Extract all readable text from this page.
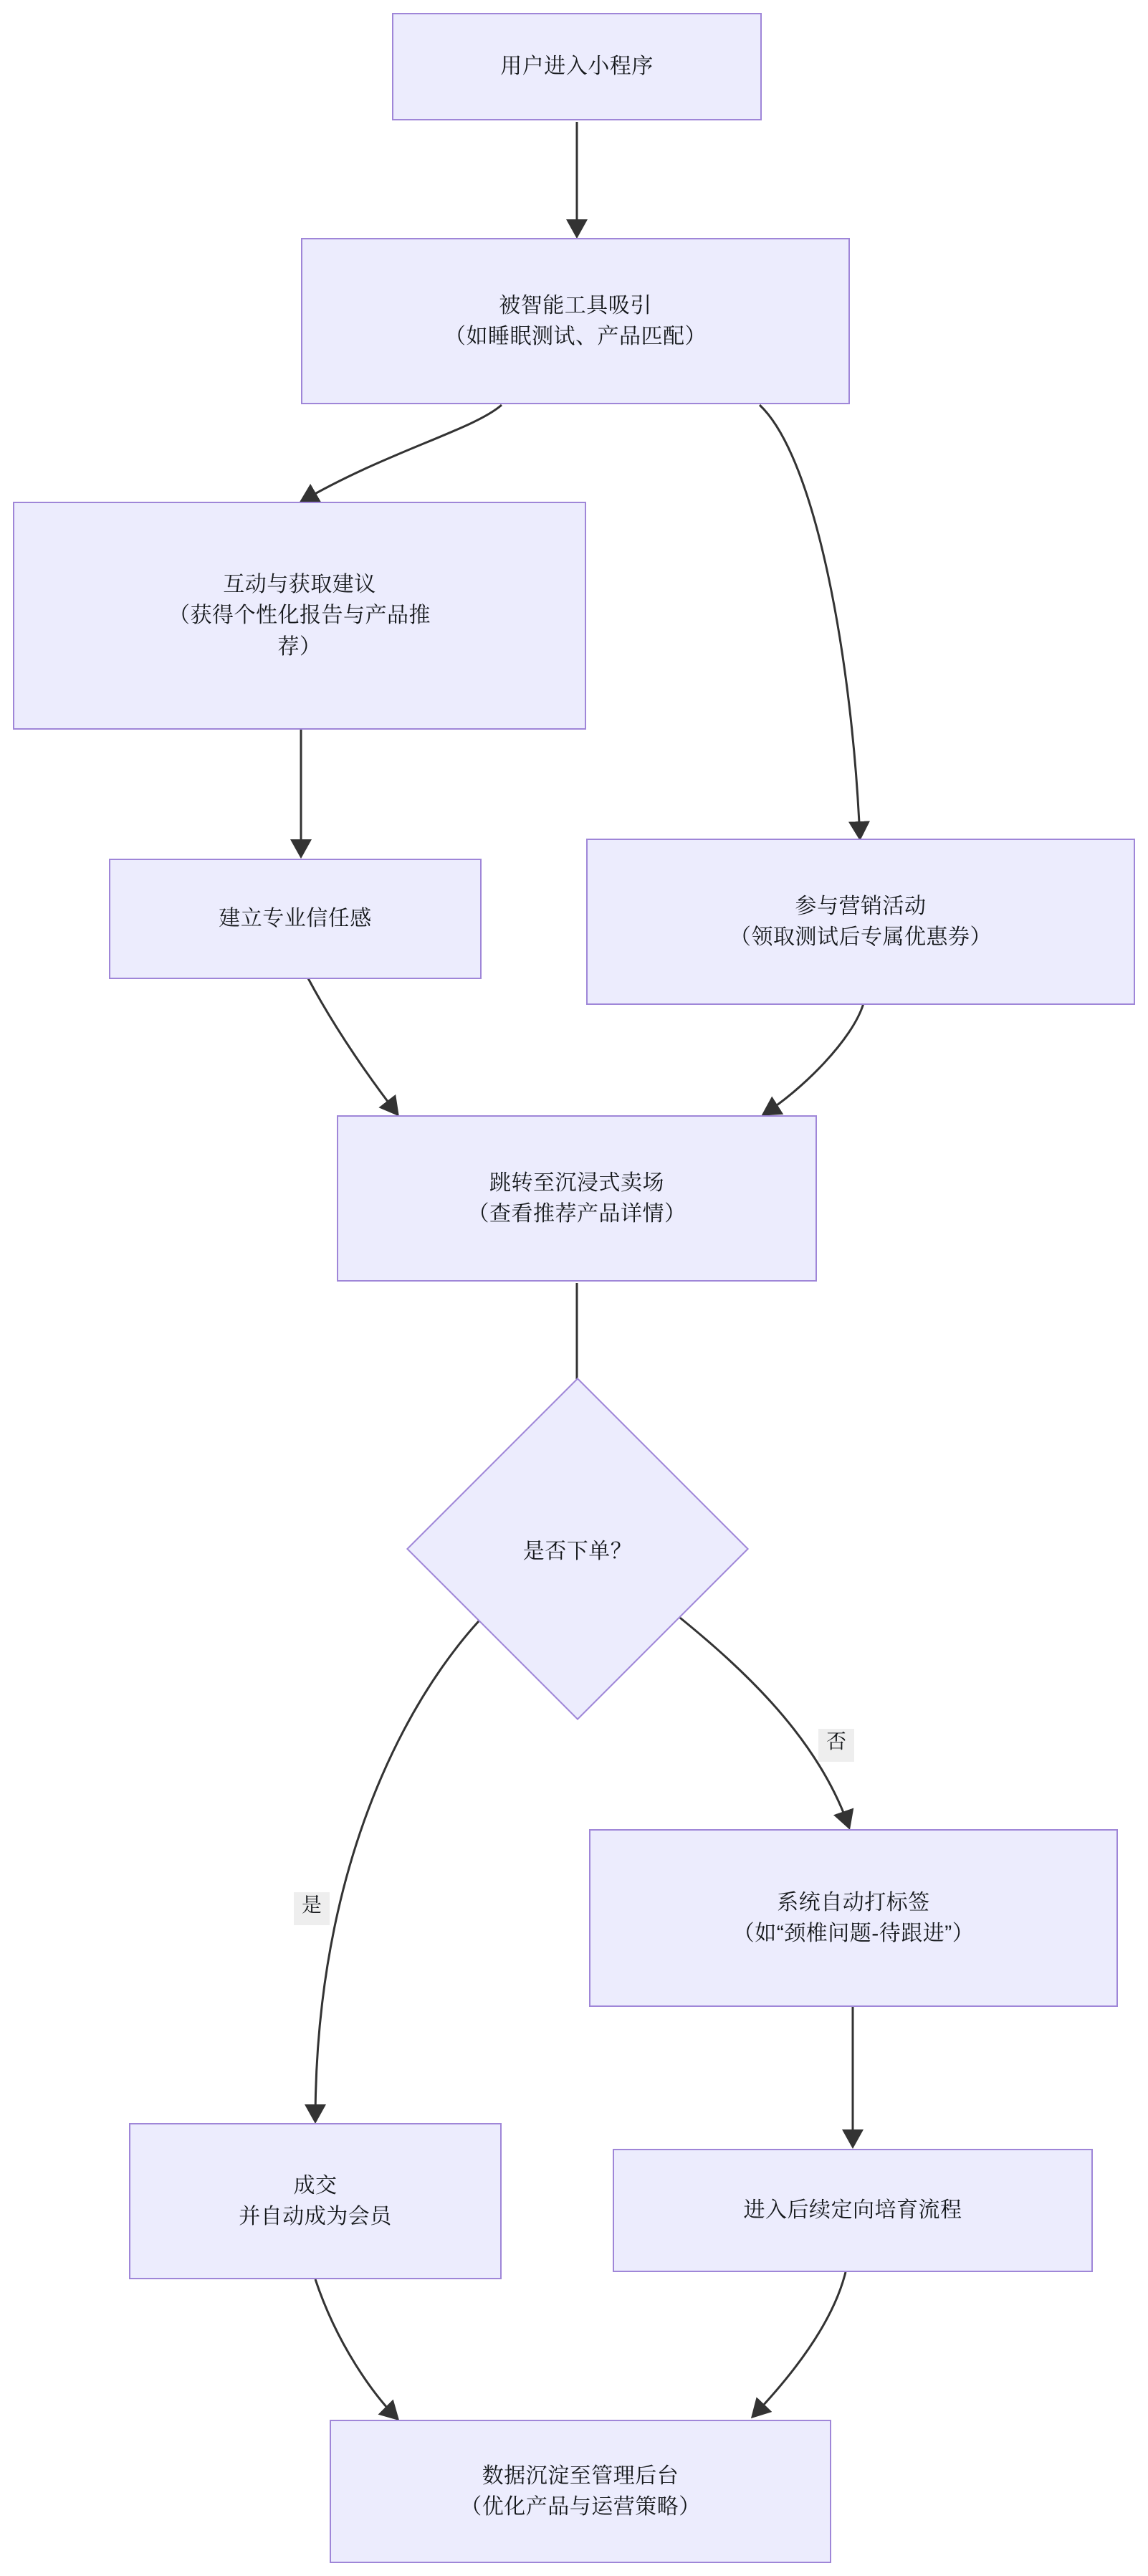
用户进入小程序
被智能工具吸引
（如睡眠测试、产品匹配）
互动与获取建议
（获得个性化报告与产品推
荐）
参与营销活动
（领取测试后专属优惠券）
建立专业信任感
跳转至沉浸式卖场
（查看推荐产品详情）
是否下单？
否
是	系统自动打标签
（如“颈椎问题-待跟进”）
成交
并自动成为会员	进入后续定向培育流程
数据沉淀至管理后台
（优化产品与运营策略）
